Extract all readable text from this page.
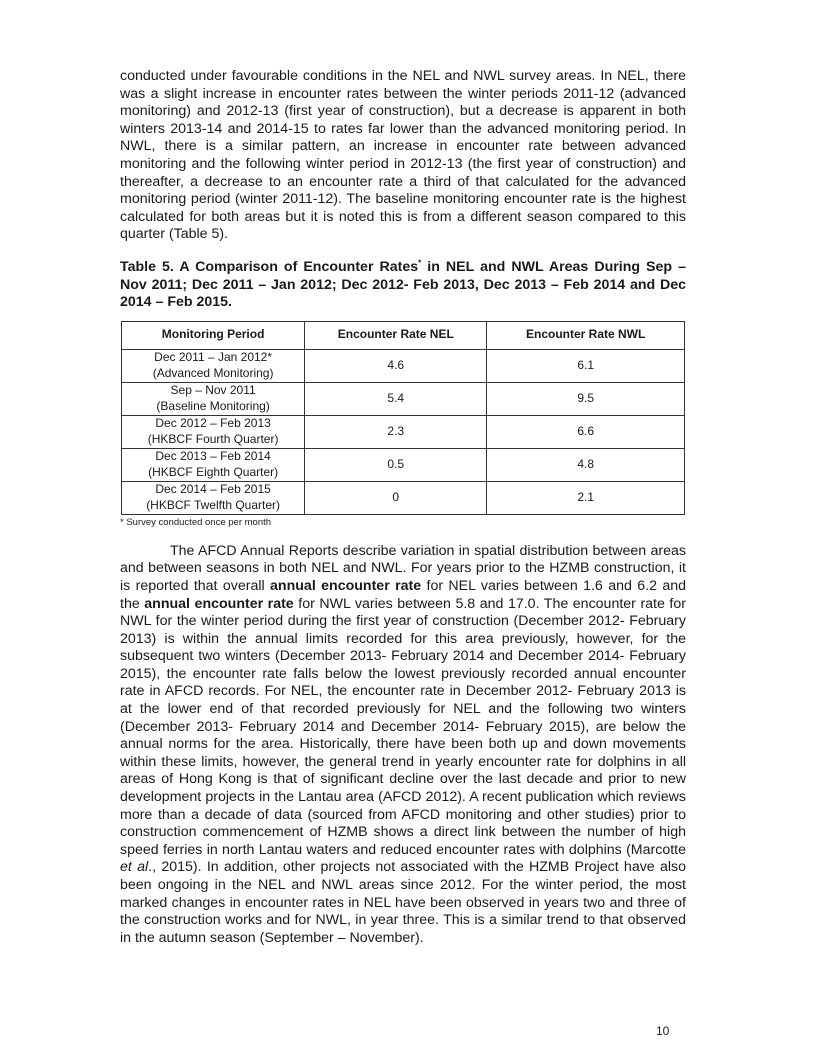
conducted under favourable conditions in the NEL and NWL survey areas. In NEL, there was a slight increase in encounter rates between the winter periods 2011-12 (advanced monitoring) and 2012-13 (first year of construction), but a decrease is apparent in both winters 2013-14 and 2014-15 to rates far lower than the advanced monitoring period. In NWL, there is a similar pattern, an increase in encounter rate between advanced monitoring and the following winter period in 2012-13 (the first year of construction) and thereafter, a decrease to an encounter rate a third of that calculated for the advanced monitoring period (winter 2011-12). The baseline monitoring encounter rate is the highest calculated for both areas but it is noted this is from a different season compared to this quarter (Table 5).

Table 5. A Comparison of Encounter Rates* in NEL and NWL Areas During Sep – Nov 2011; Dec 2011 – Jan 2012; Dec 2012- Feb 2013, Dec 2013 – Feb 2014 and Dec 2014 – Feb 2015.
Monitoring Period	Encounter Rate NEL	Encounter Rate NWL
Dec 2011 – Jan 2012*
(Advanced Monitoring)	4.6	6.1
Sep – Nov 2011
(Baseline Monitoring)	5.4	9.5
Dec 2012 – Feb 2013
(HKBCF Fourth Quarter)	2.3	6.6
Dec 2013 – Feb 2014
(HKBCF Eighth Quarter)	0.5	4.8
Dec 2014 – Feb 2015
(HKBCF Twelfth Quarter)	0	2.1
* Survey conducted once per month

The AFCD Annual Reports describe variation in spatial distribution between areas and between seasons in both NEL and NWL. For years prior to the HZMB construction, it is reported that overall annual encounter rate for NEL varies between 1.6 and 6.2 and the annual encounter rate for NWL varies between 5.8 and 17.0. The encounter rate for NWL for the winter period during the first year of construction (December 2012- February 2013) is within the annual limits recorded for this area previously, however, for the subsequent two winters (December 2013- February 2014 and December 2014- February 2015), the encounter rate falls below the lowest previously recorded annual encounter rate in AFCD records. For NEL, the encounter rate in December 2012- February 2013 is at the lower end of that recorded previously for NEL and the following two winters (December 2013- February 2014 and December 2014- February 2015), are below the annual norms for the area. Historically, there have been both up and down movements within these limits, however, the general trend in yearly encounter rate for dolphins in all areas of Hong Kong is that of significant decline over the last decade and prior to new development projects in the Lantau area (AFCD 2012). A recent publication which reviews more than a decade of data (sourced from AFCD monitoring and other studies) prior to construction commencement of HZMB shows a direct link between the number of high speed ferries in north Lantau waters and reduced encounter rates with dolphins (Marcotte et al., 2015). In addition, other projects not associated with the HZMB Project have also been ongoing in the NEL and NWL areas since 2012. For the winter period, the most marked changes in encounter rates in NEL have been observed in years two and three of the construction works and for NWL, in year three. This is a similar trend to that observed in the autumn season (September – November).

10
